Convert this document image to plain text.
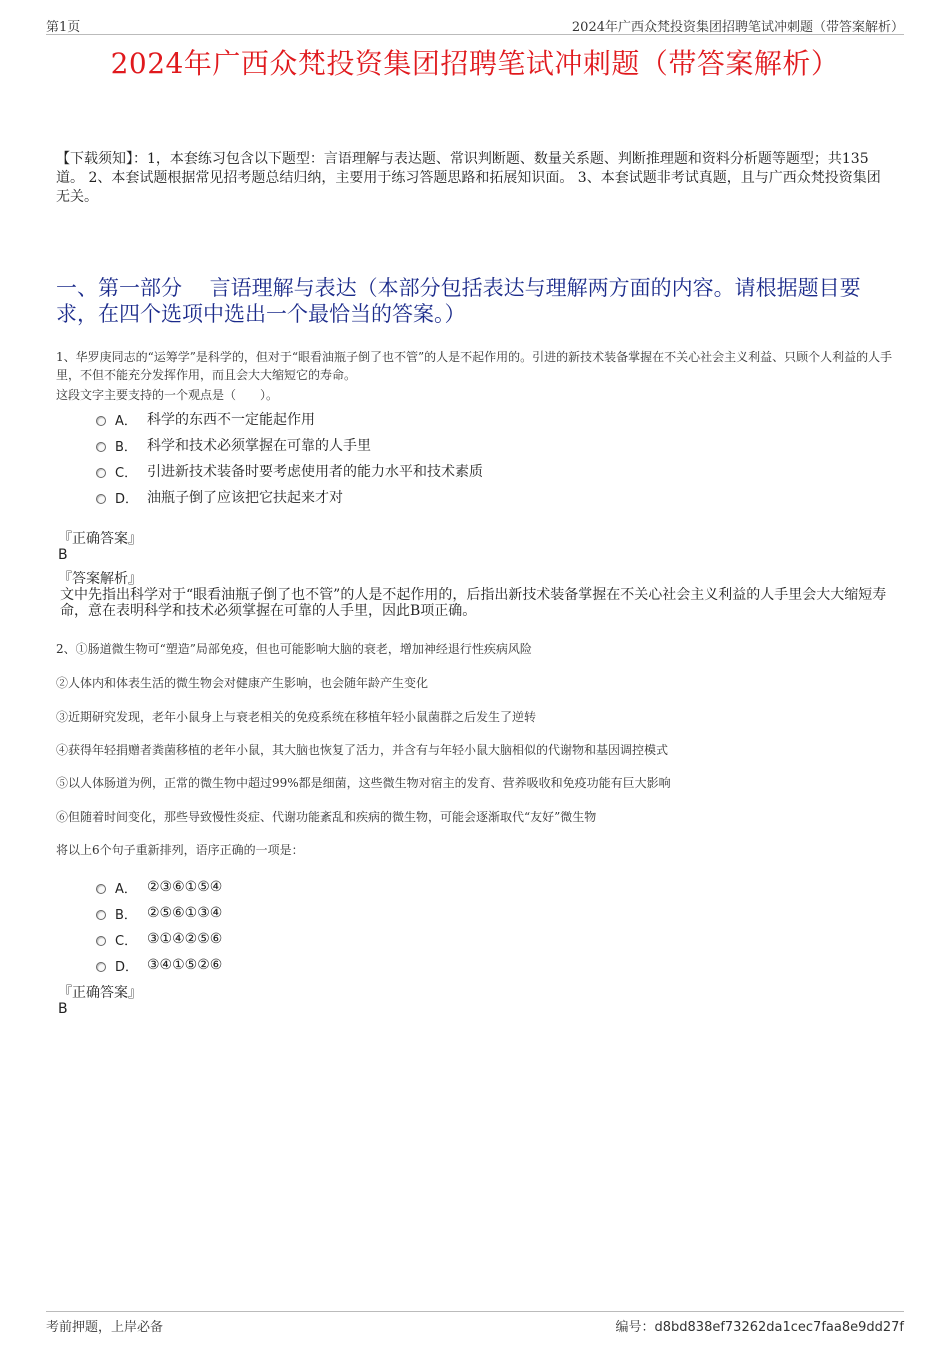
第1页	2024年广西众梵投资集团招聘笔试冲刺题（带答案解析）
2024年广西众梵投资集团招聘笔试冲刺题（带答案解析）
【下载须知】：1，本套练习包含以下题型：言语理解与表达题、常识判断题、数量关系题、判断推理题和资料分析题等题型；共135道。 2、本套试题根据常见招考题总结归纳，主要用于练习答题思路和拓展知识面。 3、本套试题非考试真题，且与广西众梵投资集团无关。
一、第一部分　 言语理解与表达（本部分包括表达与理解两方面的内容。请根据题目要求，在四个选项中选出一个最恰当的答案。）
1、华罗庚同志的“运筹学”是科学的，但对于“眼看油瓶子倒了也不管”的人是不起作用的。引进的新技术装备掌握在不关心社会主义利益、只顾个人利益的人手里，不但不能充分发挥作用，而且会大大缩短它的寿命。
这段文字主要支持的一个观点是（　　）。
A． 科学的东西不一定能起作用
B． 科学和技术必须掌握在可靠的人手里
C． 引进新技术装备时要考虑使用者的能力水平和技术素质
D． 油瓶子倒了应该把它扶起来才对
『正确答案』
B
『答案解析』
文中先指出科学对于“眼看油瓶子倒了也不管”的人是不起作用的，后指出新技术装备掌握在不关心社会主义利益的人手里会大大缩短寿命，意在表明科学和技术必须掌握在可靠的人手里，因此B项正确。
2、①肠道微生物可“塑造”局部免疫，但也可能影响大脑的衰老，增加神经退行性疾病风险
②人体内和体表生活的微生物会对健康产生影响，也会随年龄产生变化
③近期研究发现，老年小鼠身上与衰老相关的免疫系统在移植年轻小鼠菌群之后发生了逆转
④获得年轻捐赠者粪菌移植的老年小鼠，其大脑也恢复了活力，并含有与年轻小鼠大脑相似的代谢物和基因调控模式
⑤以人体肠道为例，正常的微生物中超过99%都是细菌，这些微生物对宿主的发育、营养吸收和免疫功能有巨大影响
⑥但随着时间变化，那些导致慢性炎症、代谢功能紊乱和疾病的微生物，可能会逐渐取代“友好”微生物
将以上6个句子重新排列，语序正确的一项是：
A． ②③⑥①⑤④
B． ②⑤⑥①③④
C． ③①④②⑤⑥
D． ③④①⑤②⑥
『正确答案』
B
考前押题，上岸必备	编号：d8bd838ef73262da1cec7faa8e9dd27f
